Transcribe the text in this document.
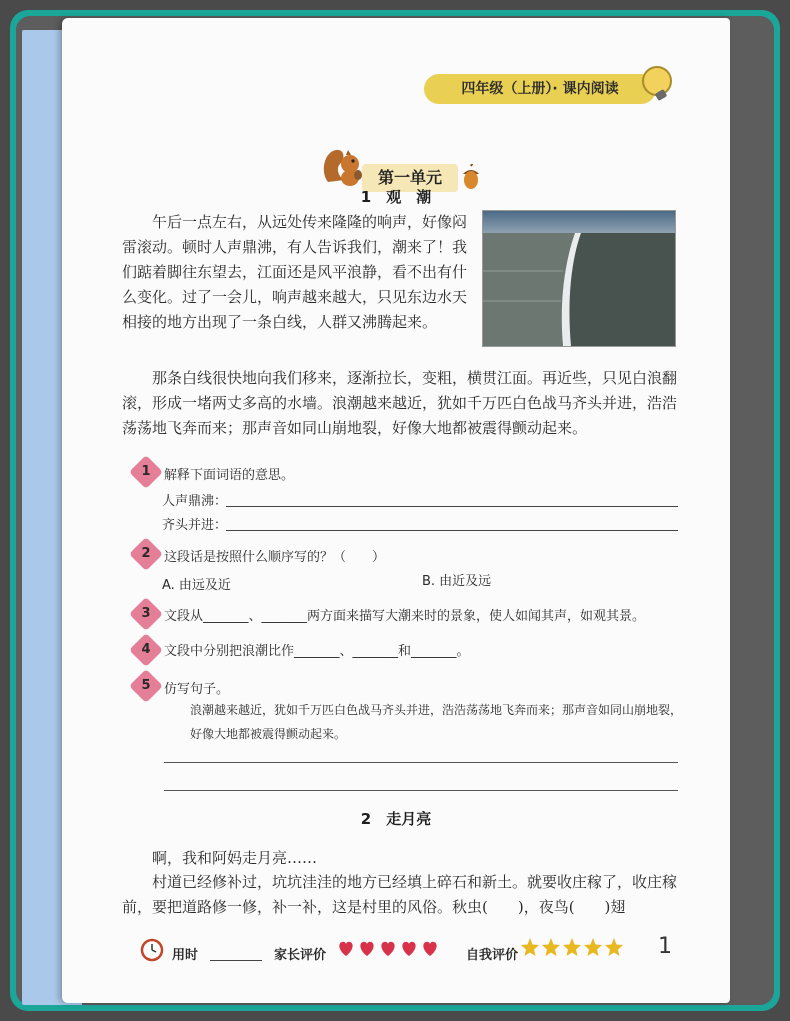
四年级（上册）· 课内阅读
第一单元
1　观　潮

午后一点左右，从远处传来隆隆的响声，好像闷雷滚动。顿时人声鼎沸，有人告诉我们，潮来了！我们踮着脚往东望去，江面还是风平浪静，看不出有什么变化。过了一会儿，响声越来越大，只见东边水天相接的地方出现了一条白线，人群又沸腾起来。

那条白线很快地向我们移来，逐渐拉长，变粗，横贯江面。再近些，只见白浪翻滚，形成一堵两丈多高的水墙。浪潮越来越近，犹如千万匹白色战马齐头并进，浩浩荡荡地飞奔而来；那声音如同山崩地裂，好像大地都被震得颤动起来。

1	解释下面词语的意思。
人声鼎沸：
齐头并进：
2	这段话是按照什么顺序写的？（　　）
A. 由远及近	B. 由近及远
3	文段从_______、_______两方面来描写大潮来时的景象，使人如闻其声，如观其景。
4	文段中分别把浪潮比作_______、_______和_______。
5	仿写句子。
浪潮越来越近，犹如千万匹白色战马齐头并进，浩浩荡荡地飞奔而来；那声音如同山崩地裂，好像大地都被震得颤动起来。
2　走月亮

啊，我和阿妈走月亮……

村道已经修补过，坑坑洼洼的地方已经填上碎石和新土。就要收庄稼了，收庄稼前，要把道路修一修，补一补，这是村里的风俗。秋虫(　　)，夜鸟(　　)翅

用时	家长评价	自我评价	1
